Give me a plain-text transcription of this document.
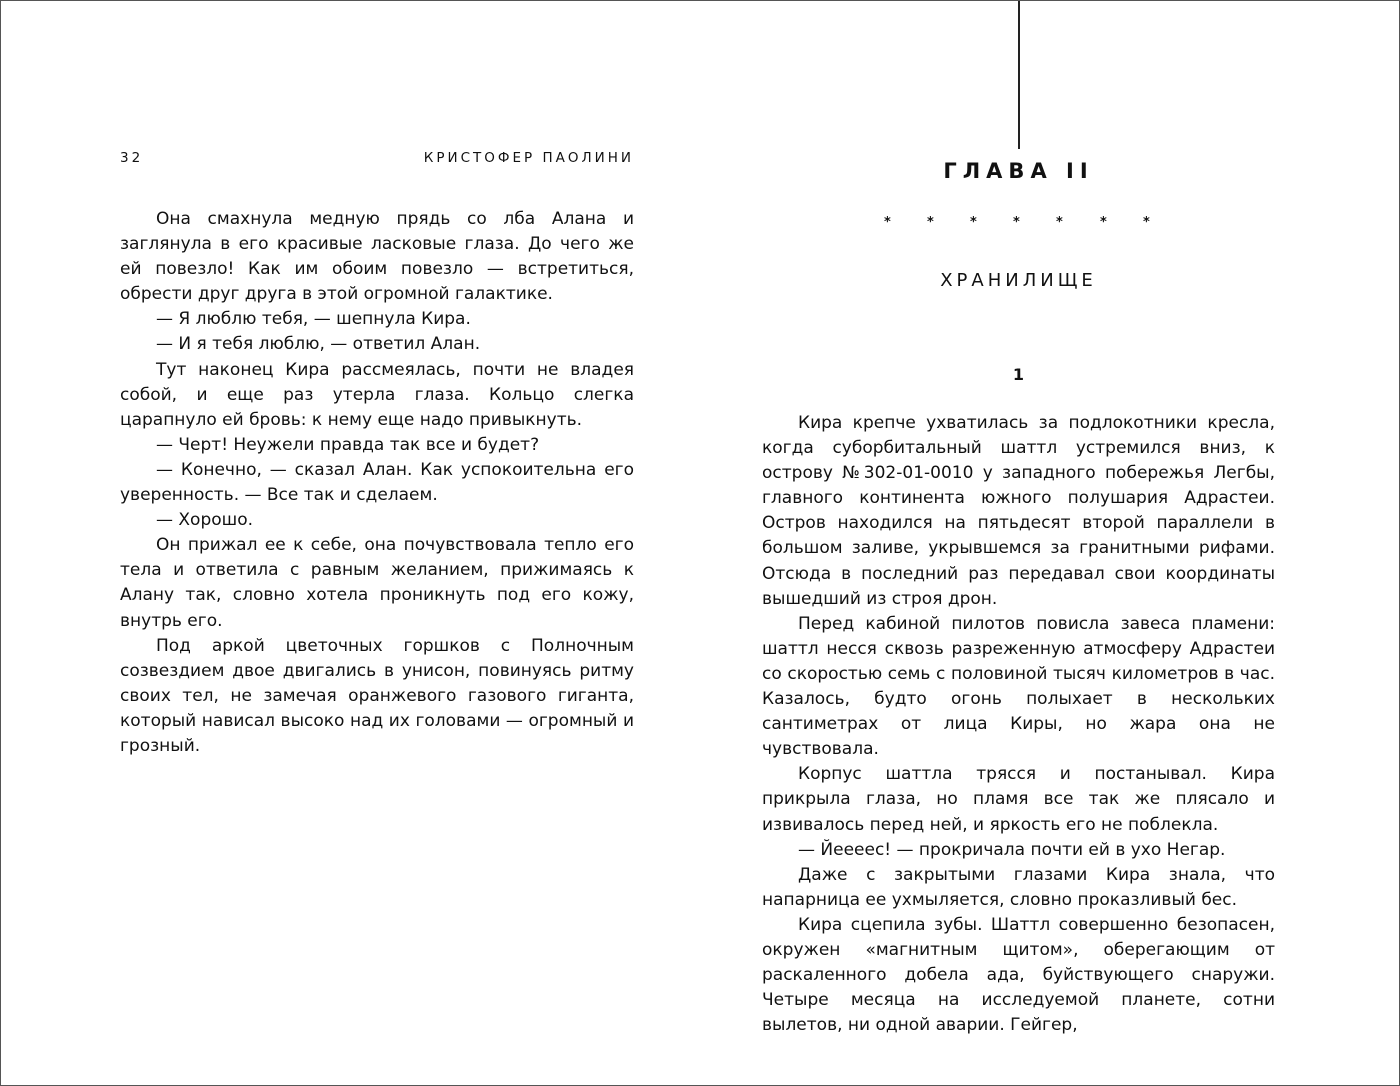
32	КРИСТОФЕР ПАОЛИНИ

Она смахнула медную прядь со лба Алана и заглянула в его красивые ласковые глаза. До чего же ей повезло! Как им обоим повезло — встретиться, обрести друг друга в этой огромной галактике.

— Я люблю тебя, — шепнула Кира.

— И я тебя люблю, — ответил Алан.

Тут наконец Кира рассмеялась, почти не владея собой, и еще раз утерла глаза. Кольцо слегка царапнуло ей бровь: к нему еще надо привыкнуть.

— Черт! Неужели правда так все и будет?

— Конечно, — сказал Алан. Как успокоительна его уверенность. — Все так и сделаем.

— Хорошо.

Он прижал ее к себе, она почувствовала тепло его тела и ответила с равным желанием, прижимаясь к Алану так, словно хотела проникнуть под его кожу, внутрь его.

Под аркой цветочных горшков с Полночным созвездием двое двигались в унисон, повинуясь ритму своих тел, не замечая оранжевого газового гиганта, который нависал высоко над их головами — огромный и грозный.

ГЛАВА II
*	*	*	*	*	*	*
ХРАНИЛИЩЕ
1

Кира крепче ухватилась за подлокотники кресла, когда суборбитальный шаттл устремился вниз, к острову №302-01-0010 у западного побережья Легбы, главного континента южного полушария Адрастеи. Остров находился на пятьдесят второй параллели в большом заливе, укрывшемся за гранитными рифами. Отсюда в последний раз передавал свои координаты вышедший из строя дрон.

Перед кабиной пилотов повисла завеса пламени: шаттл несся сквозь разреженную атмосферу Адрастеи со скоростью семь с половиной тысяч километров в час. Казалось, будто огонь полыхает в нескольких сантиметрах от лица Киры, но жара она не чувствовала.

Корпус шаттла трясся и постанывал. Кира прикрыла глаза, но пламя все так же плясало и извивалось перед ней, и яркость его не поблекла.

— Йеееес! — прокричала почти ей в ухо Негар.

Даже с закрытыми глазами Кира знала, что напарница ее ухмыляется, словно проказливый бес.

Кира сцепила зубы. Шаттл совершенно безопасен, окружен «магнитным щитом», оберегающим от раскаленного добела ада, буйствующего снаружи. Четыре месяца на исследуемой планете, сотни вылетов, ни одной аварии. Гейгер,
